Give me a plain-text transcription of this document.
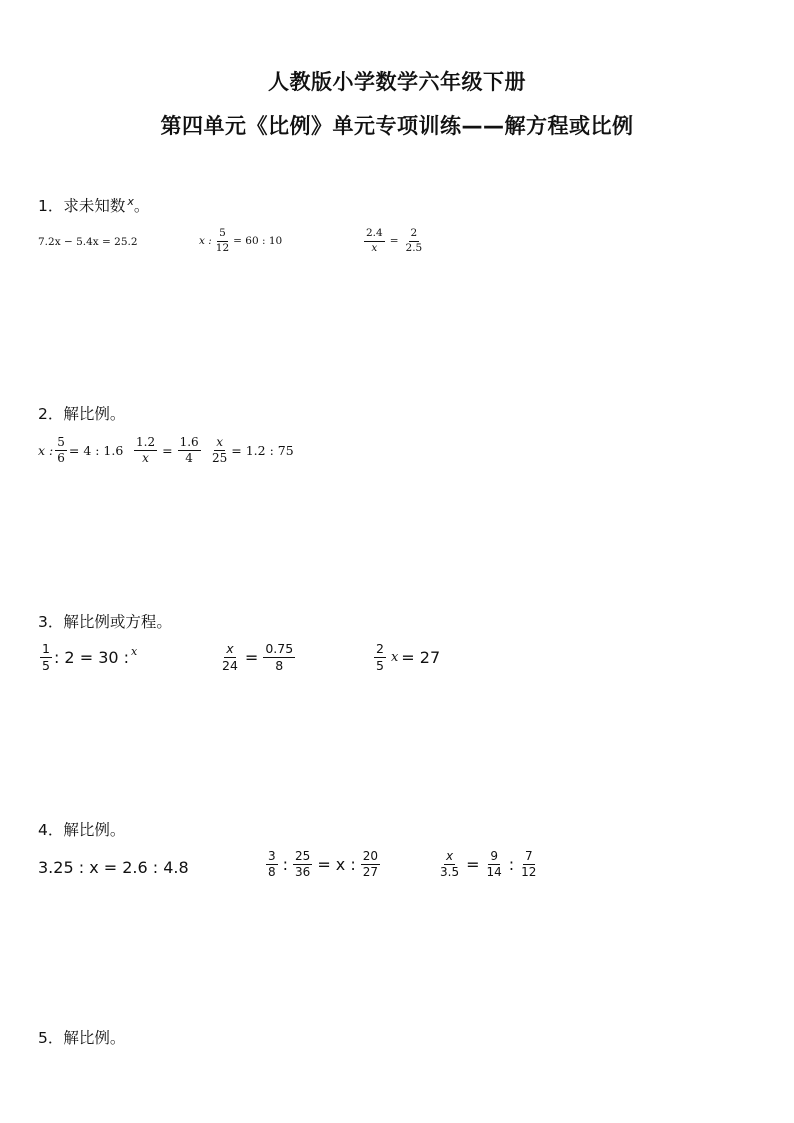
人教版小学数学六年级下册
第四单元《比例》单元专项训练——解方程或比例
1．求未知数 $^x$。
7.2x − 5.4x = 25.2	x : $\frac{5}{12} = 60$ : 10	$\frac{2.4}{x} = \frac{2}{2.5}$
2．解比例。
x : $\frac{5}{6} = 4$ : $1.6 \frac{1.2}{x} = \frac{1.6}{4} \frac{x}{25} = 1.2$ : 75
3．解比例或方程。
$\frac{1}{5}$ : 2 = 30 : x	$\frac{x}{24} = \frac{0.75}{8}$	$\frac{2}{5}$ x = 27
4．解比例。
3.25 : x = 2.6 : 4.8	$\frac{3}{8}$ : $\frac{25}{36} = x$ : $\frac{20}{27}$	$\frac{x}{3.5} = \frac{9}{14}$ : $\frac{7}{12}$
5．解比例。
